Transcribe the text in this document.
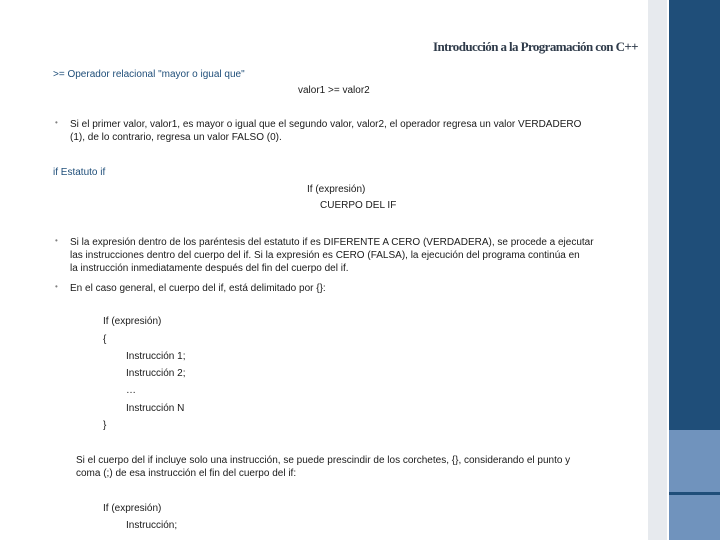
Introducción a la Programación con C++
>= Operador relacional "mayor o igual que"
valor1 >= valor2
• Si el primer valor, valor1, es mayor o igual que el segundo valor, valor2, el operador regresa un valor VERDADERO
(1), de lo contrario, regresa un valor FALSO (0).
if Estatuto if
If (expresión)
CUERPO DEL IF
• Si la expresión dentro de los paréntesis del estatuto if es DIFERENTE A CERO (VERDADERA), se procede a ejecutar
las instrucciones dentro del cuerpo del if. Si la expresión es CERO (FALSA), la ejecución del programa continúa en
la instrucción inmediatamente después del fin del cuerpo del if.
• En el caso general, el cuerpo del if, está delimitado por {}:
If (expresión)
{
Instrucción 1;
Instrucción 2;
…
Instrucción N
}
Si el cuerpo del if incluye solo una instrucción, se puede prescindir de los corchetes, {}, considerando el punto y
coma (;) de esa instrucción el fin del cuerpo del if:
If (expresión)
Instrucción;
